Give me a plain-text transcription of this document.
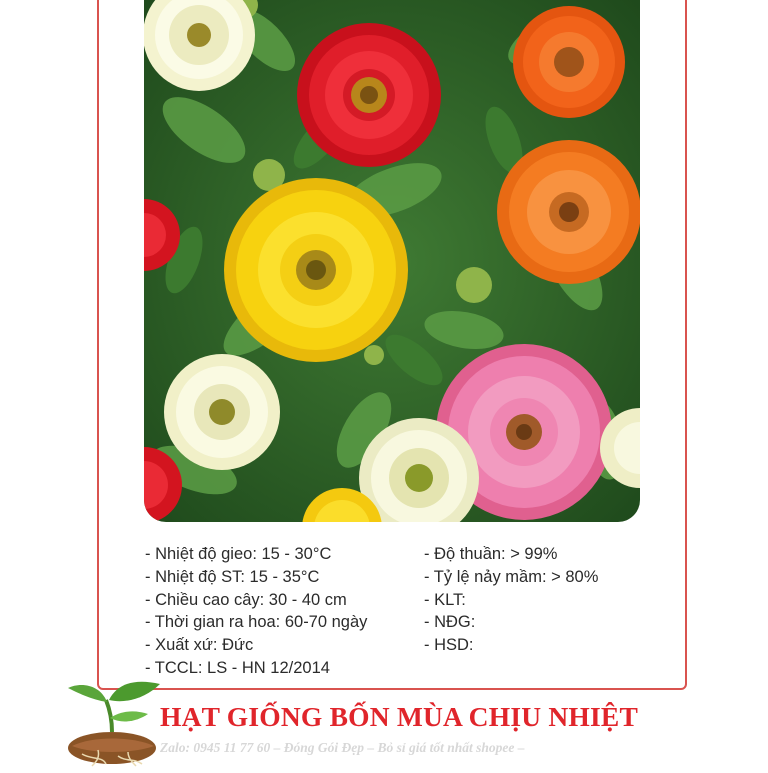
- Nhiệt độ gieo: 15 - 30°C
- Nhiệt độ ST: 15 - 35°C
- Chiều cao cây: 30 - 40 cm
- Thời gian ra hoa: 60-70 ngày
- Xuất xứ: Đức
- TCCL: LS - HN 12/2014
- Độ thuần: > 99%
- Tỷ lệ nảy mầm: > 80%
- KLT:
- NĐG:
- HSD:
HẠT GIỐNG BỐN MÙA CHỊU NHIỆT
Zalo: 0945 11 77 60 – Đóng Gói Đẹp – Bỏ sỉ giá tốt nhất shopee –
